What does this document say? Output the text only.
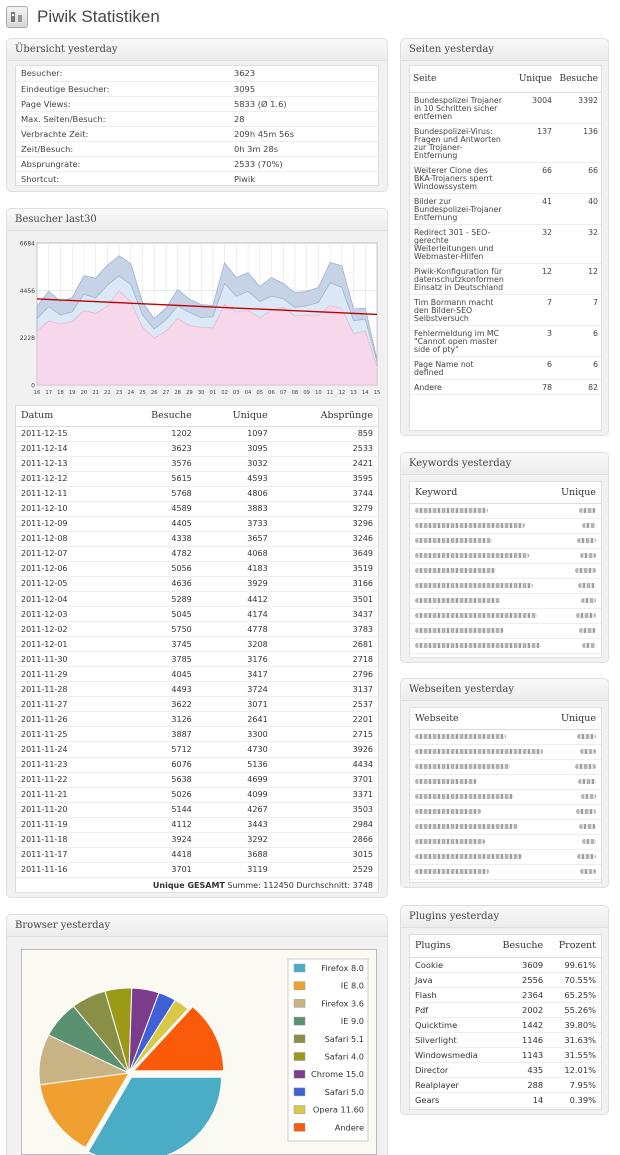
Piwik Statistiken
Übersicht yesterday
Besucher:	3623
Eindeutige Besucher:	3095
Page Views:	5833 (Ø 1.6)
Max. Seiten/Besuch:	28
Verbrachte Zeit:	209h 45m 56s
Zeit/Besuch:	0h 3m 28s
Absprungrate:	2533 (70%)
Shortcut:	Piwik
Besucher last30
0
2228
4456
6684
16 17 18 19 20 21 22 23 24 25 26 27 28 29 30 01 02 03 04 05 06 07 08 09 10 11 12 13 14 15
Datum	Besuche	Unique	Absprünge
2011-12-15	1202	1097	859
2011-12-14	3623	3095	2533
2011-12-13	3576	3032	2421
2011-12-12	5615	4593	3595
2011-12-11	5768	4806	3744
2011-12-10	4589	3883	3279
2011-12-09	4405	3733	3296
2011-12-08	4338	3657	3246
2011-12-07	4782	4068	3649
2011-12-06	5056	4183	3519
2011-12-05	4636	3929	3166
2011-12-04	5289	4412	3501
2011-12-03	5045	4174	3437
2011-12-02	5750	4778	3783
2011-12-01	3745	3208	2681
2011-11-30	3785	3176	2718
2011-11-29	4045	3417	2796
2011-11-28	4493	3724	3137
2011-11-27	3622	3071	2537
2011-11-26	3126	2641	2201
2011-11-25	3887	3300	2715
2011-11-24	5712	4730	3926
2011-11-23	6076	5136	4434
2011-11-22	5638	4699	3701
2011-11-21	5026	4099	3371
2011-11-20	5144	4267	3503
2011-11-19	4112	3443	2984
2011-11-18	3924	3292	2866
2011-11-17	4418	3688	3015
2011-11-16	3701	3119	2529
Unique GESAMT Summe: 112450 Durchschnitt: 3748			
Browser yesterday
Firefox 8.0
IE 8.0
Firefox 3.6
IE 9.0
Safari 5.1
Safari 4.0
Chrome 15.0
Safari 5.0
Opera 11.60
Andere
Seiten yesterday
Seite	Unique	Besuche
Bundespolizei Trojaner in 10 Schritten sicher entfernen	3004	3392
Bundespolizei-Virus: Fragen und Antworten zur Trojaner-Entfernung	137	136
Weiterer Clone des BKA-Trojaners sperrt Windowssystem	66	66
Bilder zur Bundespolizei-Trojaner Entfernung	41	40
Redirect 301 - SEO-gerechte Weiterleitungen und Webmaster-Hilfen	32	32
Piwik-Konfiguration für datenschutzkonformen Einsatz in Deutschland	12	12
Tim Bormann macht den Bilder-SEO Selbstversuch	7	7
Fehlermeldung im MC "Cannot open master side of pty"	3	6
Page Name not defined	6	6
Andere	78	82
Keywords yesterday
Keyword	Unique

Webseiten yesterday
Webseite	Unique

Plugins yesterday
Plugins	Besuche	Prozent
Cookie	3609	99.61%
Java	2556	70.55%
Flash	2364	65.25%
Pdf	2002	55.26%
Quicktime	1442	39.80%
Silverlight	1146	31.63%
Windowsmedia	1143	31.55%
Director	435	12.01%
Realplayer	288	7.95%
Gears	14	0.39%
